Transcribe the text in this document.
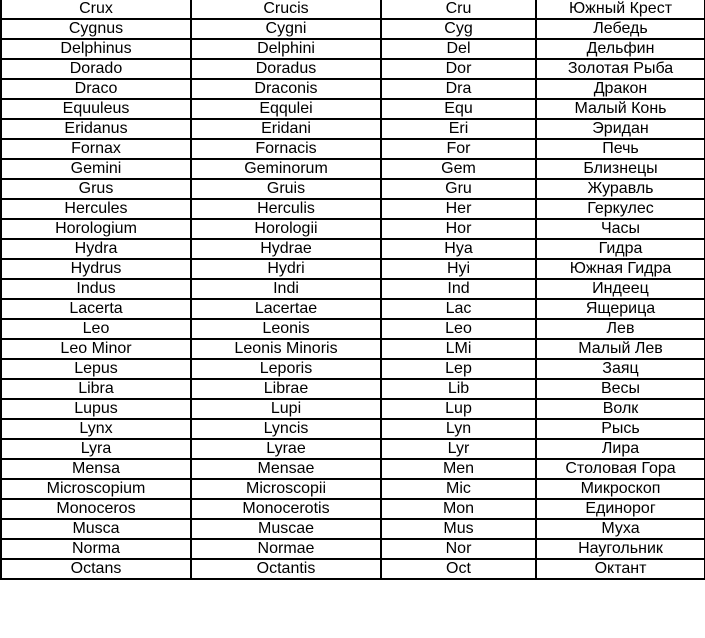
Crux	Crucis	Cru	Южный Крест
Cygnus	Cygni	Cyg	Лебедь
Delphinus	Delphini	Del	Дельфин
Dorado	Doradus	Dor	Золотая Рыба
Draco	Draconis	Dra	Дракон
Equuleus	Eqqulei	Equ	Малый Конь
Eridanus	Eridani	Eri	Эридан
Fornax	Fornacis	For	Печь
Gemini	Geminorum	Gem	Близнецы
Grus	Gruis	Gru	Журавль
Hercules	Herculis	Her	Геркулес
Horologium	Horologii	Hor	Часы
Hydra	Hydrae	Hya	Гидра
Hydrus	Hydri	Hyi	Южная Гидра
Indus	Indi	Ind	Индеец
Lacerta	Lacertae	Lac	Ящерица
Leo	Leonis	Leo	Лев
Leo Minor	Leonis Minoris	LMi	Малый Лев
Lepus	Leporis	Lep	Заяц
Libra	Librae	Lib	Весы
Lupus	Lupi	Lup	Волк
Lynx	Lyncis	Lyn	Рысь
Lyra	Lyrae	Lyr	Лира
Mensa	Mensae	Men	Столовая Гора
Microscopium	Microscopii	Mic	Микроскоп
Monoceros	Monocerotis	Mon	Единорог
Musca	Muscae	Mus	Муха
Norma	Normae	Nor	Наугольник
Octans	Octantis	Oct	Октант
